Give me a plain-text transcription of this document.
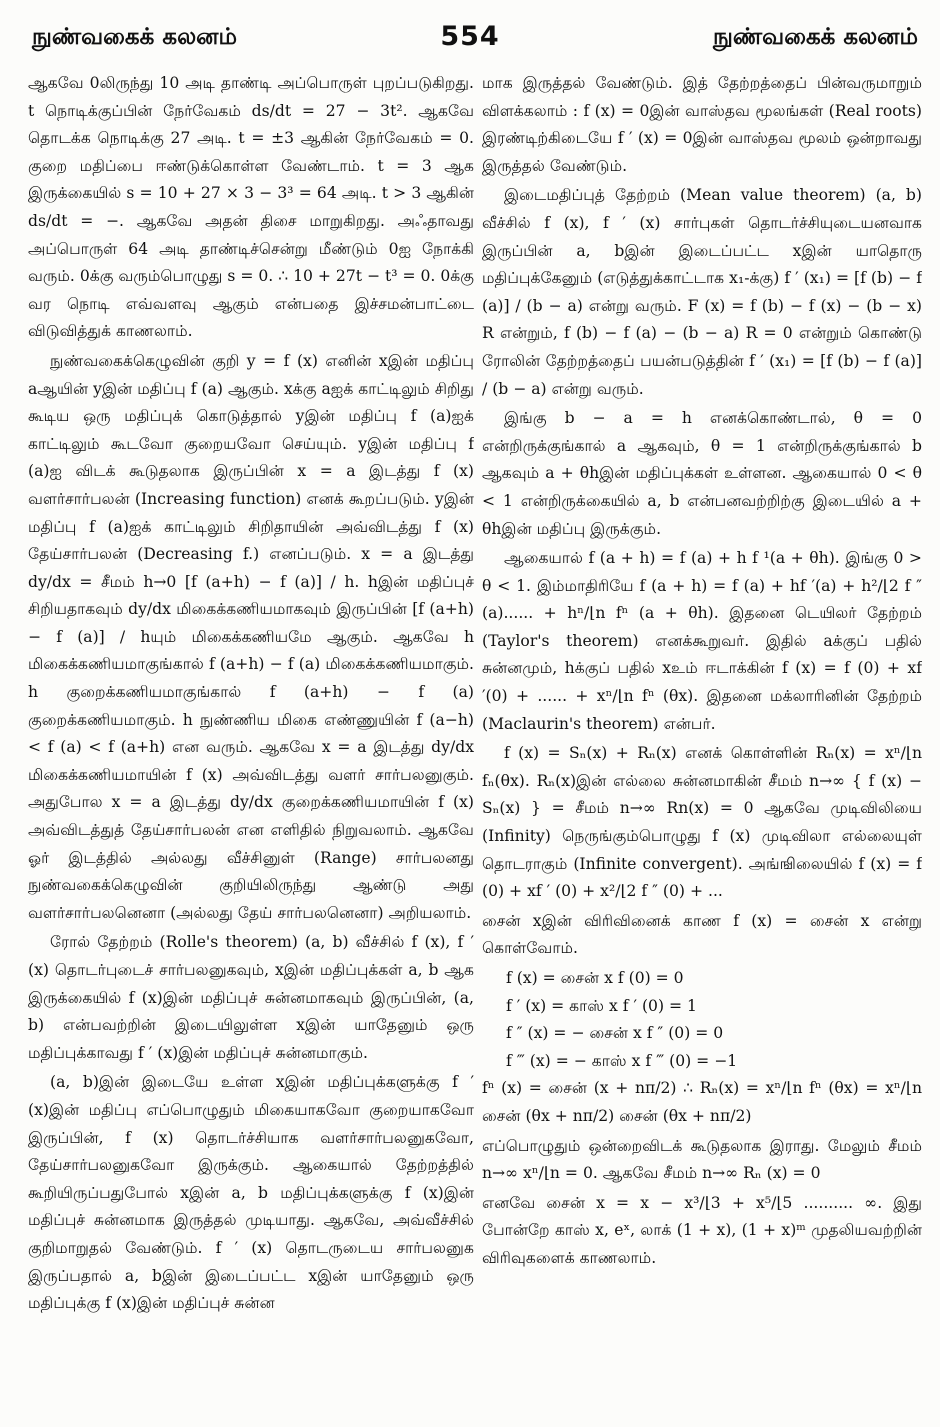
நுண்வகைக் கலனம்	554	நுண்வகைக் கலனம்

ஆகவே 0லிருந்து 10 அடி தாண்டி அப்பொருள் புறப்படுகிறது. t நொடிக்குப்பின் நேர்வேகம் ds/dt = 27 − 3t². ஆகவே தொடக்க நொடிக்கு 27 அடி. t = ±3 ஆகின் நேர்வேகம் = 0. குறை மதிப்பை ஈண்டுக்கொள்ள வேண்டாம். t = 3 ஆக இருக்கையில் s = 10 + 27 × 3 − 3³ = 64 அடி. t > 3 ஆகின் ds/dt = −. ஆகவே அதன் திசை மாறுகிறது. அஃதாவது அப்பொருள் 64 அடி தாண்டிச்சென்று மீண்டும் 0ஐ நோக்கி வரும். 0க்கு வரும்பொழுது s = 0. ∴ 10 + 27t − t³ = 0. 0க்கு வர நொடி எவ்வளவு ஆகும் என்பதை இச்சமன்பாட்டை விடுவித்துக் காணலாம்.

நுண்வகைக்கெழுவின் குறி y = f (x) எனின் xஇன் மதிப்பு aஆயின் yஇன் மதிப்பு f (a) ஆகும். xக்கு aஐக் காட்டிலும் சிறிது கூடிய ஒரு மதிப்புக் கொடுத்தால் yஇன் மதிப்பு f (a)ஐக் காட்டிலும் கூடவோ குறையவோ செய்யும். yஇன் மதிப்பு f (a)ஐ விடக் கூடுதலாக இருப்பின் x = a இடத்து f (x) வளர்சார்பலன் (Increasing function) எனக் கூறப்படும். yஇன் மதிப்பு f (a)ஐக் காட்டிலும் சிறிதாயின் அவ்விடத்து f (x) தேய்சார்பலன் (Decreasing f.) எனப்படும். x = a இடத்து dy/dx = சீமம் h→0 [f (a+h) − f (a)] / h. hஇன் மதிப்புச் சிறியதாகவும் dy/dx மிகைக்கணியமாகவும் இருப்பின் [f (a+h) − f (a)] / hயும் மிகைக்கணியமே ஆகும். ஆகவே h மிகைக்கணியமாகுங்கால் f (a+h) − f (a) மிகைக்கணியமாகும். h குறைக்கணியமாகுங்கால் f (a+h) − f (a) குறைக்கணியமாகும். h நுண்ணிய மிகை எண்ணுயின் f (a−h) < f (a) < f (a+h) என வரும். ஆகவே x = a இடத்து dy/dx மிகைக்கணியமாயின் f (x) அவ்விடத்து வளர் சார்பலனுகும். அதுபோல x = a இடத்து dy/dx குறைக்கணியமாயின் f (x) அவ்விடத்துத் தேய்சார்பலன் என எளிதில் நிறுவலாம். ஆகவே ஓர் இடத்தில் அல்லது வீச்சினுள் (Range) சார்பலனது நுண்வகைக்கெழுவின் குறியிலிருந்து ஆண்டு அது வளர்சார்பலனெனா (அல்லது தேய் சார்பலனெனா) அறியலாம்.

ரோல் தேற்றம் (Rolle's theorem) (a, b) வீச்சில் f (x), f ′ (x) தொடர்புடைச் சார்பலனுகவும், xஇன் மதிப்புக்கள் a, b ஆக இருக்கையில் f (x)இன் மதிப்புச் சுன்னமாகவும் இருப்பின், (a, b) என்பவற்றின் இடையிலுள்ள xஇன் யாதேனும் ஒரு மதிப்புக்காவது f ′ (x)இன் மதிப்புச் சுன்னமாகும்.

(a, b)இன் இடையே உள்ள xஇன் மதிப்புக்களுக்கு f ′ (x)இன் மதிப்பு எப்பொழுதும் மிகையாகவோ குறையாகவோ இருப்பின், f (x) தொடர்ச்சியாக வளர்சார்பலனுகவோ, தேய்சார்பலனுகவோ இருக்கும். ஆகையால் தேற்றத்தில் கூறியிருப்பதுபோல் xஇன் a, b மதிப்புக்களுக்கு f (x)இன் மதிப்புச் சுன்னமாக இருத்தல் முடியாது. ஆகவே, அவ்வீச்சில் குறிமாறுதல் வேண்டும். f ′ (x) தொடருடைய சார்பலனுக இருப்பதால் a, bஇன் இடைப்பட்ட xஇன் யாதேனும் ஒரு மதிப்புக்கு f (x)இன் மதிப்புச் சுன்ன

மாக இருத்தல் வேண்டும். இத் தேற்றத்தைப் பின்வருமாறும் விளக்கலாம் : f (x) = 0இன் வாஸ்தவ மூலங்கள் (Real roots) இரண்டிற்கிடையே f ′ (x) = 0இன் வாஸ்தவ மூலம் ஒன்றாவது இருத்தல் வேண்டும்.

இடைமதிப்புத் தேற்றம் (Mean value theorem) (a, b) வீச்சில் f (x), f ′ (x) சார்புகள் தொடர்ச்சியுடையனவாக இருப்பின் a, bஇன் இடைப்பட்ட xஇன் யாதொரு மதிப்புக்கேனும் (எடுத்துக்காட்டாக x₁-க்கு) f ′ (x₁) = [f (b) − f (a)] / (b − a) என்று வரும். F (x) = f (b) − f (x) − (b − x) R என்றும், f (b) − f (a) − (b − a) R = 0 என்றும் கொண்டு ரோலின் தேற்றத்தைப் பயன்படுத்தின் f ′ (x₁) = [f (b) − f (a)] / (b − a) என்று வரும்.

இங்கு b − a = h எனக்கொண்டால், θ = 0 என்றிருக்குங்கால் a ஆகவும், θ = 1 என்றிருக்குங்கால் b ஆகவும் a + θhஇன் மதிப்புக்கள் உள்ளன. ஆகையால் 0 < θ < 1 என்றிருக்கையில் a, b என்பனவற்றிற்கு இடையில் a + θhஇன் மதிப்பு இருக்கும்.

ஆகையால் f (a + h) = f (a) + h f ¹(a + θh). இங்கு 0 > θ < 1. இம்மாதிரியே f (a + h) = f (a) + hf ′(a) + h²/⌊2 f ″ (a)...... + hⁿ/⌊n fⁿ (a + θh). இதனை டெயிலர் தேற்றம் (Taylor's theorem) எனக்கூறுவர். இதில் aக்குப் பதில் சுன்னமும், hக்குப் பதில் xஉம் ஈடாக்கின் f (x) = f (0) + xf ′(0) + ...... + xⁿ/⌊n fⁿ (θx). இதனை மக்லாரினின் தேற்றம் (Maclaurin's theorem) என்பர்.

f (x) = Sₙ(x) + Rₙ(x) எனக் கொள்ளின் Rₙ(x) = xⁿ/⌊n fₙ(θx). Rₙ(x)இன் எல்லை சுன்னமாகின் சீமம் n→∞ { f (x) − Sₙ(x) } = சீமம் n→∞ Rn(x) = 0 ஆகவே முடிவிலியை (Infinity) நெருங்கும்பொழுது f (x) முடிவிலா எல்லையுள் தொடராகும் (Infinite convergent). அங்ஙிலையில் f (x) = f (0) + xf ′ (0) + x²/⌊2 f ″ (0) + ...

சைன் xஇன் விரிவினைக் காண f (x) = சைன் x என்று கொள்வோம்.

f (x) = சைன் x f (0) = 0

f ′ (x) = காஸ் x f ′ (0) = 1

f ″ (x) = − சைன் x f ″ (0) = 0

f ‴ (x) = − காஸ் x f ‴ (0) = −1

fⁿ (x) = சைன் (x + nπ/2) ∴ Rₙ(x) = xⁿ/⌊n fⁿ (θx) = xⁿ/⌊n சைன் (θx + nπ/2) சைன் (θx + nπ/2)

எப்பொழுதும் ஒன்றைவிடக் கூடுதலாக இராது. மேலும் சீமம் n→∞ xⁿ/⌊n = 0. ஆகவே சீமம் n→∞ Rₙ (x) = 0

எனவே சைன் x = x − x³/⌊3 + x⁵/⌊5 .......... ∞. இது போன்றே காஸ் x, eˣ, லாக் (1 + x), (1 + x)ᵐ முதலியவற்றின் விரிவுகளைக் காணலாம்.
